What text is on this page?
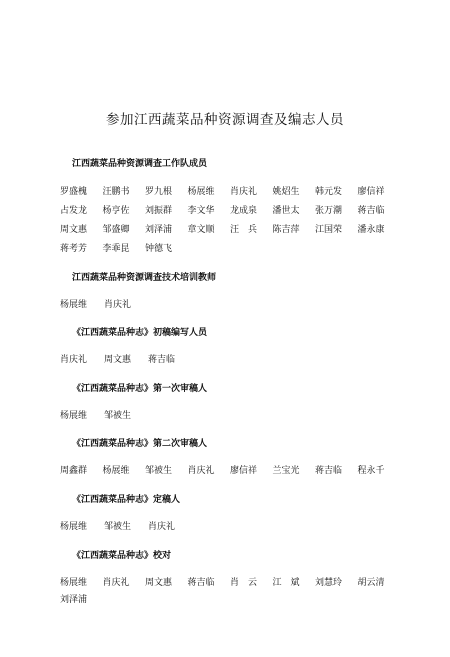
参加江西蔬菜品种资源调查及编志人员
江西蔬菜品种资源调查工作队成员
罗盛槐	汪鹏书	罗九根	杨展维	肖庆礼	姚炤生	韩元发	廖信祥
占发龙	杨亨佐	刘振群	李文华	龙成泉	潘世太	张万潮	蒋吉临
周文惠	邹盛卿	刘泽浦	章文顺	汪　兵	陈吉萍	江国荣	潘永康
蒋考芳	李乖昆	钟德飞
江西蔬菜品种资源调查技术培训教师
杨展维	肖庆礼
《江西蔬菜品种志》初稿编写人员
肖庆礼	周文惠	蒋吉临
《江西蔬菜品种志》第一次审稿人
杨展维	邹被生
《江西蔬菜品种志》第二次审稿人
周鑫群	杨展维	邹被生	肖庆礼	廖信祥	兰宝光	蒋吉临	程永千
《江西蔬菜品种志》定稿人
杨展维	邹被生	肖庆礼
《江西蔬菜品种志》校对
杨展维	肖庆礼	周文惠	蒋吉临	肖　云	江　斌	刘慧玲	胡云清
刘泽浦
